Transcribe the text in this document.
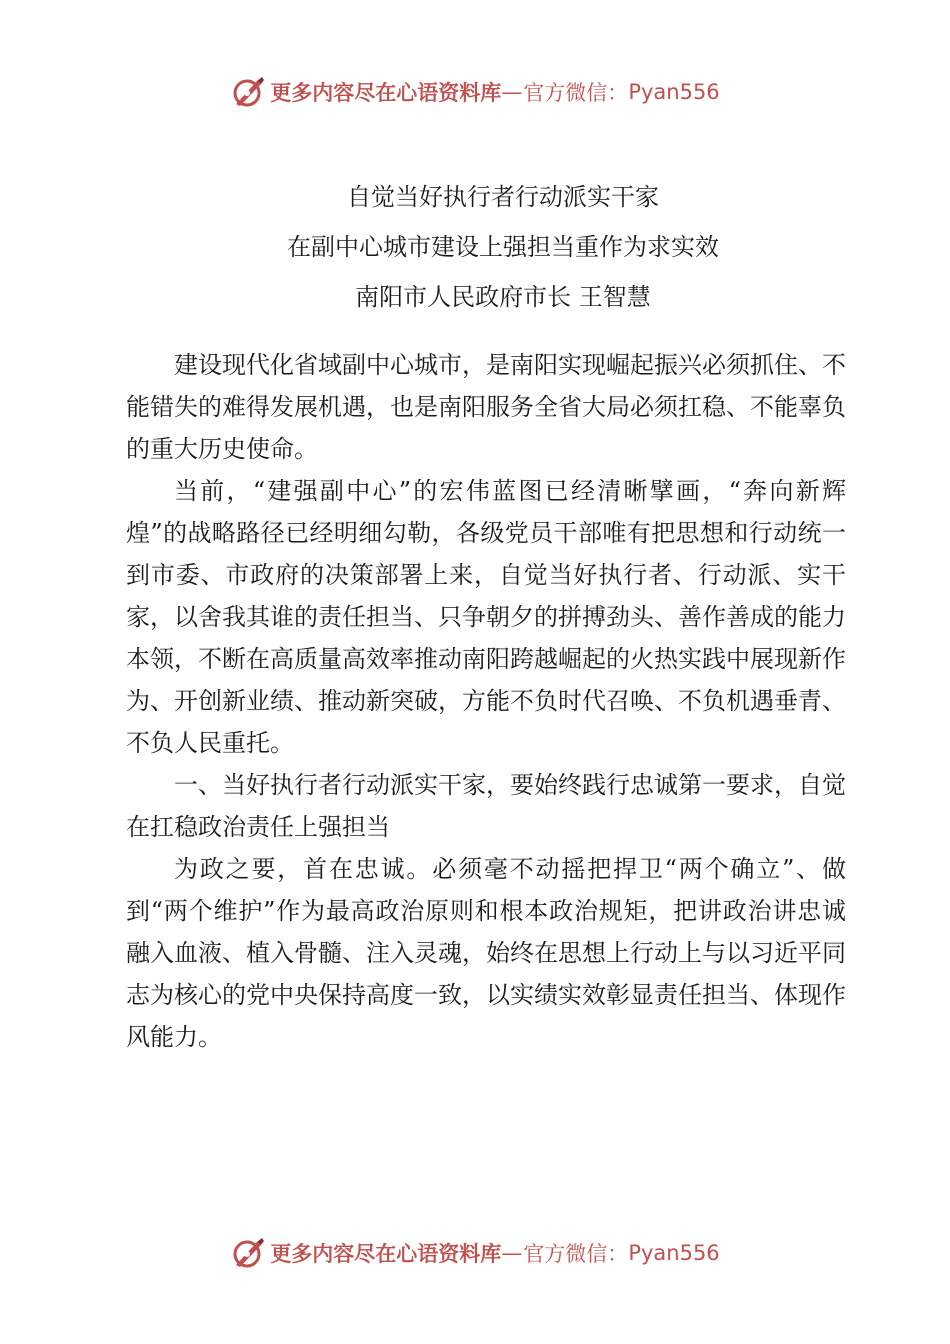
更多内容尽在心语资料库 — 官方微信： Pyan556
自觉当好执行者行动派实干家
在副中心城市建设上强担当重作为求实效
南阳市人民政府市长 王智慧

建设现代化省域副中心城市，是南阳实现崛起振兴必须抓住、不能错失的难得发展机遇，也是南阳服务全省大局必须扛稳、不能辜负的重大历史使命。

当前，“建强副中心”的宏伟蓝图已经清晰擘画，“奔向新辉煌”的战略路径已经明细勾勒，各级党员干部唯有把思想和行动统一到市委、市政府的决策部署上来，自觉当好执行者、行动派、实干家，以舍我其谁的责任担当、只争朝夕的拼搏劲头、善作善成的能力本领，不断在高质量高效率推动南阳跨越崛起的火热实践中展现新作为、开创新业绩、推动新突破，方能不负时代召唤、不负机遇垂青、不负人民重托。

一、当好执行者行动派实干家，要始终践行忠诚第一要求，自觉在扛稳政治责任上强担当

为政之要，首在忠诚。必须毫不动摇把捍卫“两个确立”、做到“两个维护”作为最高政治原则和根本政治规矩，把讲政治讲忠诚融入血液、植入骨髓、注入灵魂，始终在思想上行动上与以习近平同志为核心的党中央保持高度一致，以实绩实效彰显责任担当、体现作风能力。

更多内容尽在心语资料库 — 官方微信： Pyan556
